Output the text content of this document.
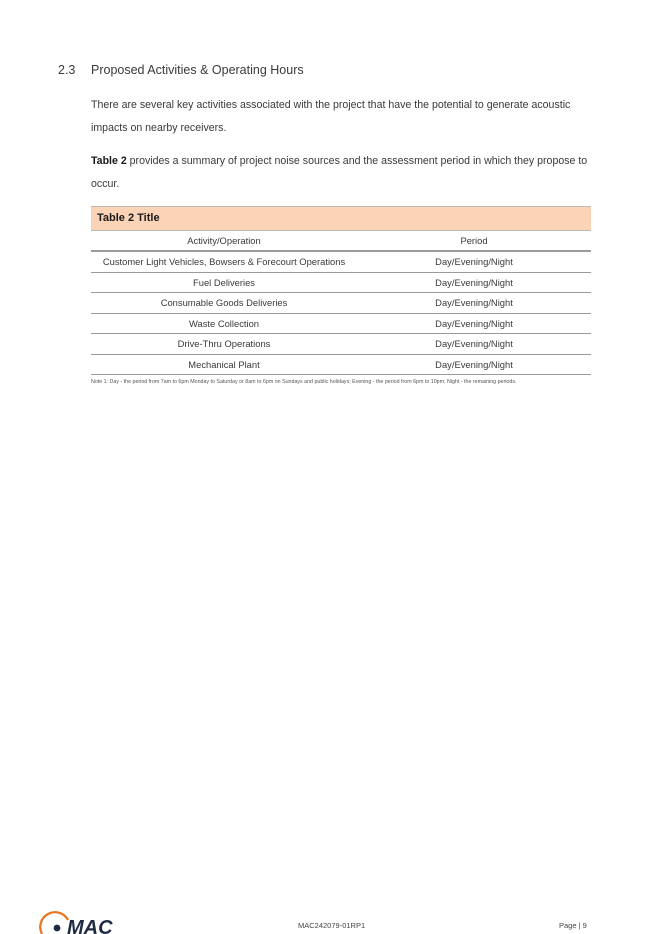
2.3	Proposed Activities & Operating Hours
There are several key activities associated with the project that have the potential to generate acoustic impacts on nearby receivers.
Table 2 provides a summary of project noise sources and the assessment period in which they propose to occur.
Table 2 Title
Activity/Operation	Period
Customer Light Vehicles, Bowsers & Forecourt Operations	Day/Evening/Night
Fuel Deliveries	Day/Evening/Night
Consumable Goods Deliveries	Day/Evening/Night
Waste Collection	Day/Evening/Night
Drive-Thru Operations	Day/Evening/Night
Mechanical Plant	Day/Evening/Night
Note 1: Day - the period from 7am to 6pm Monday to Saturday or 8am to 6pm on Sundays and public holidays; Evening - the period from 6pm to 10pm; Night - the remaining periods.
MAC	MAC242079-01RP1	Page | 9
